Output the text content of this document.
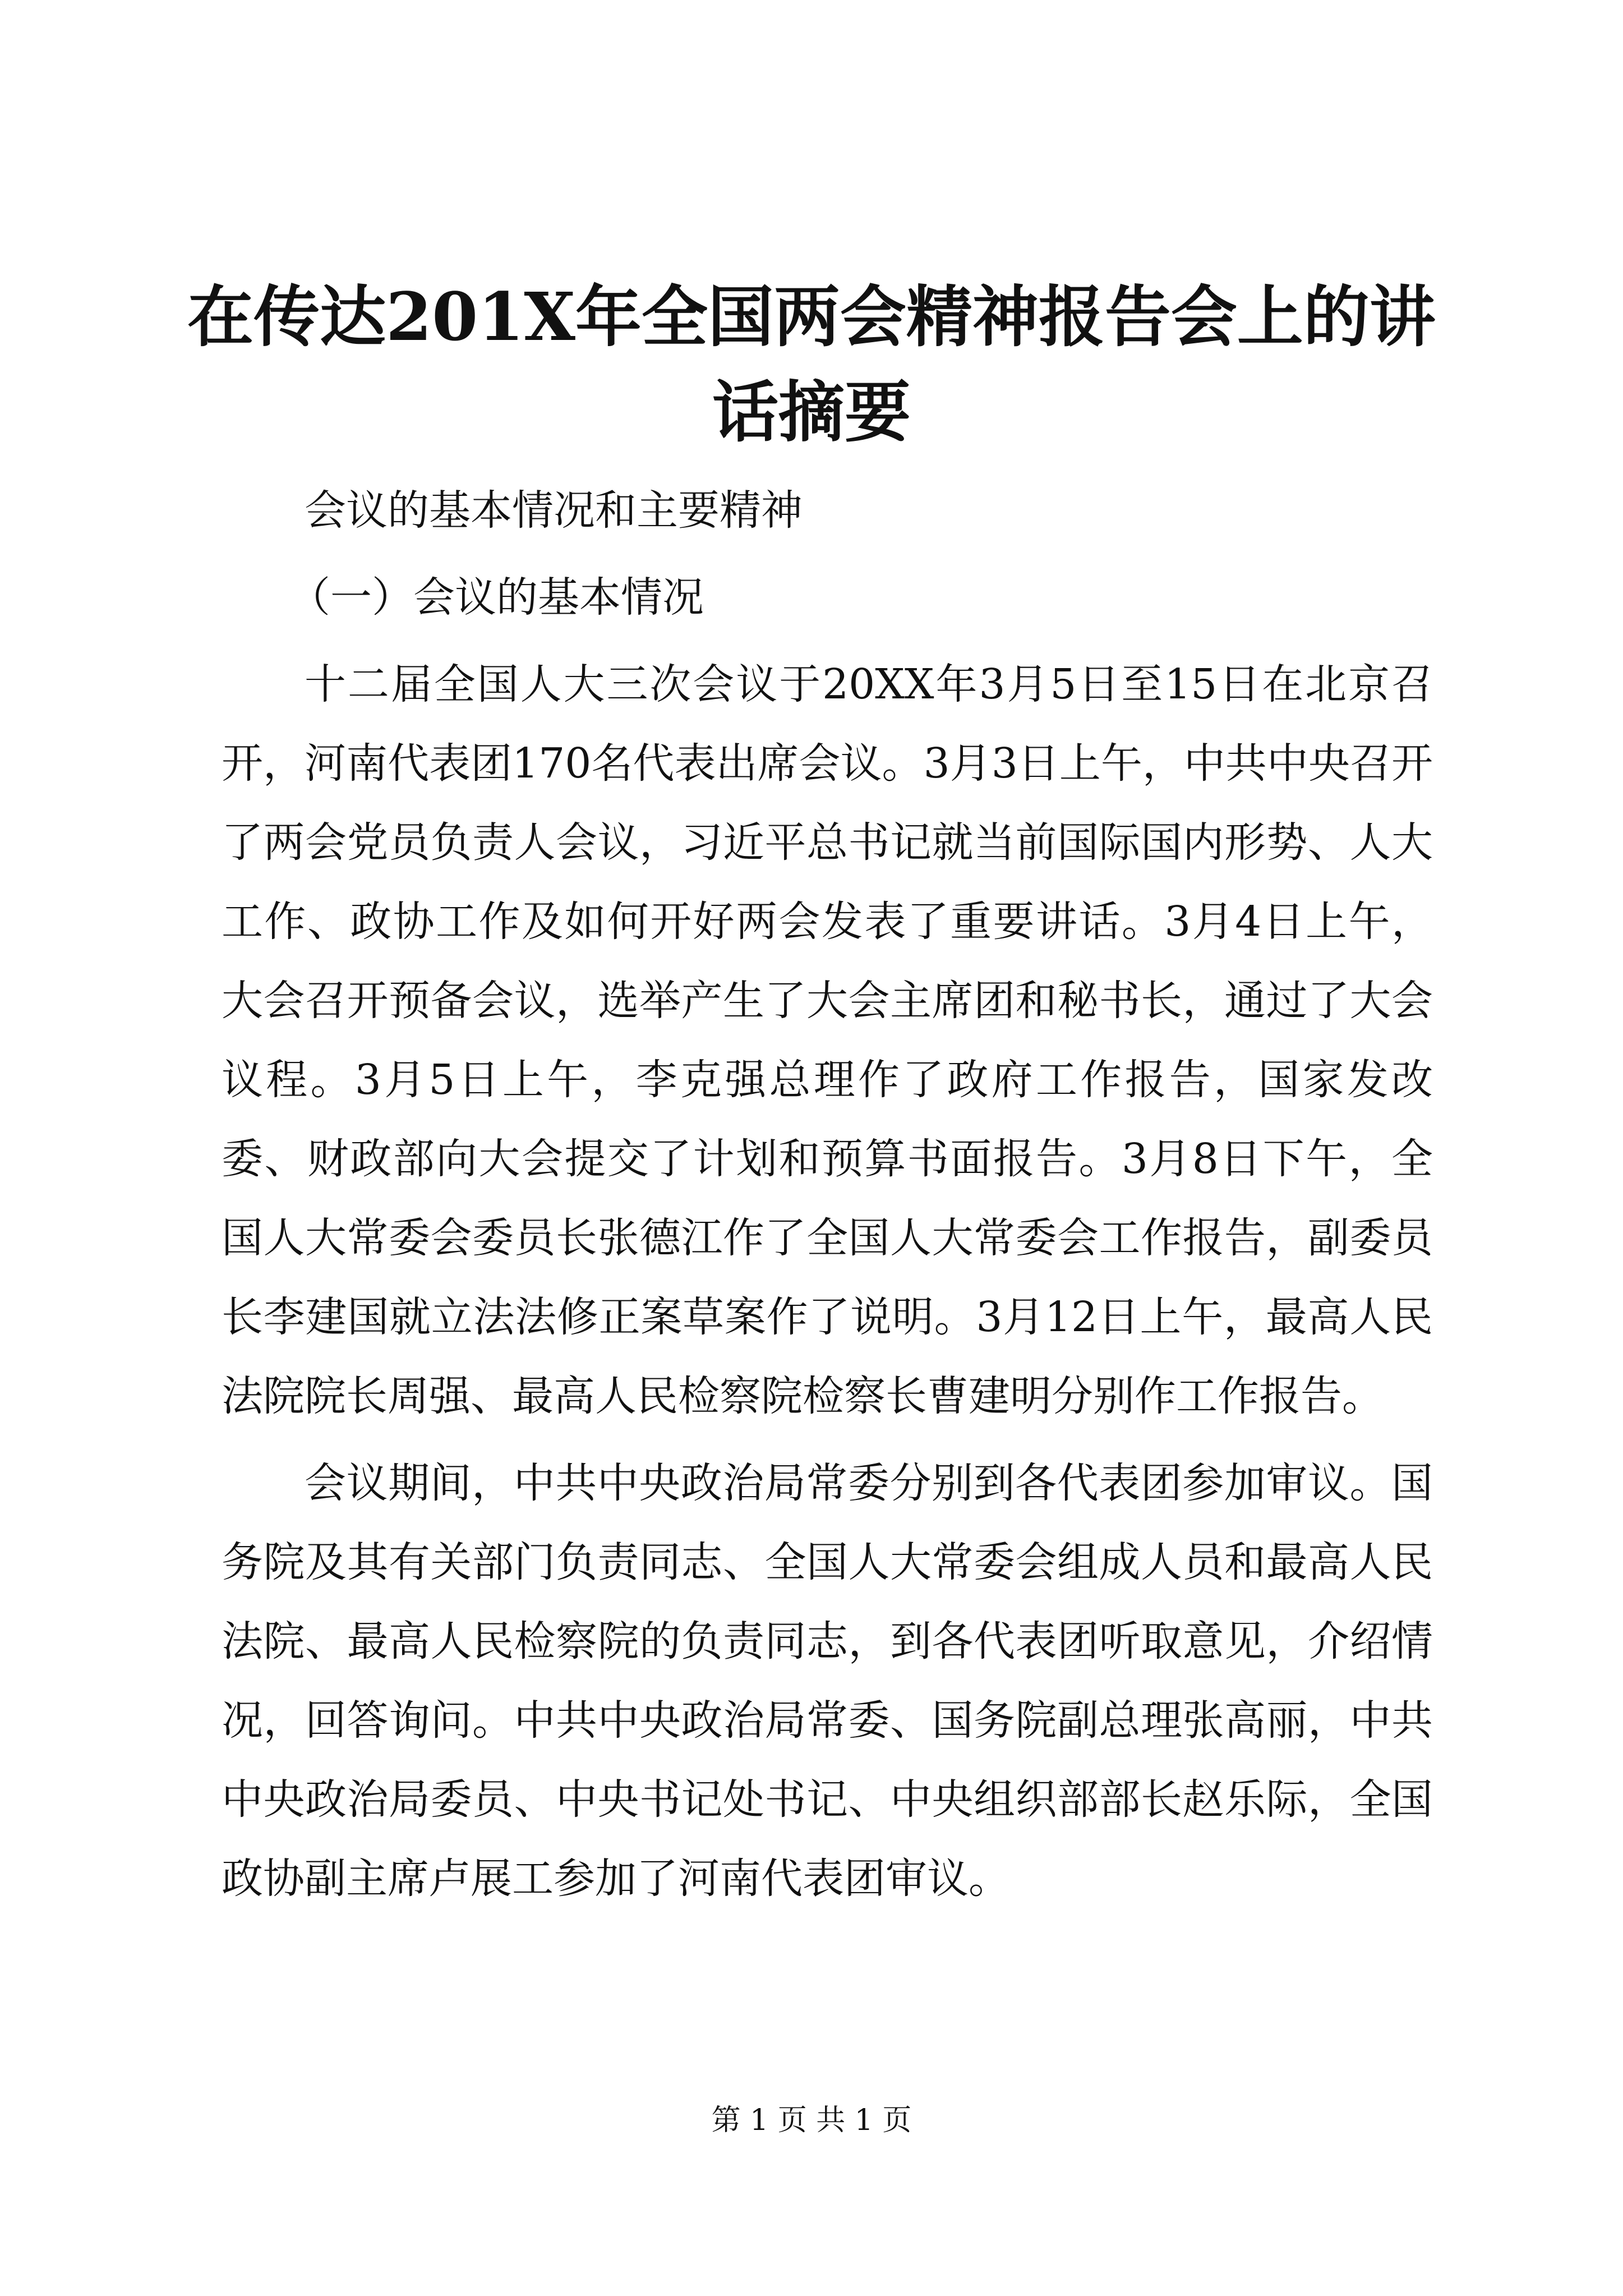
在传达201X年全国两会精神报告会上的讲话摘要

会议的基本情况和主要精神

（一）会议的基本情况

十二届全国人大三次会议于20XX年3月5日至15日在北京召开，河南代表团170名代表出席会议。3月3日上午，中共中央召开了两会党员负责人会议，习近平总书记就当前国际国内形势、人大工作、政协工作及如何开好两会发表了重要讲话。3月4日上午，大会召开预备会议，选举产生了大会主席团和秘书长，通过了大会议程。3月5日上午，李克强总理作了政府工作报告，国家发改委、财政部向大会提交了计划和预算书面报告。3月8日下午，全国人大常委会委员长张德江作了全国人大常委会工作报告，副委员长李建国就立法法修正案草案作了说明。3月12日上午，最高人民法院院长周强、最高人民检察院检察长曹建明分别作工作报告。

会议期间，中共中央政治局常委分别到各代表团参加审议。国务院及其有关部门负责同志、全国人大常委会组成人员和最高人民法院、最高人民检察院的负责同志，到各代表团听取意见，介绍情况，回答询问。中共中央政治局常委、国务院副总理张高丽，中共中央政治局委员、中央书记处书记、中央组织部部长赵乐际，全国政协副主席卢展工参加了河南代表团审议。

第 1 页 共 1 页
